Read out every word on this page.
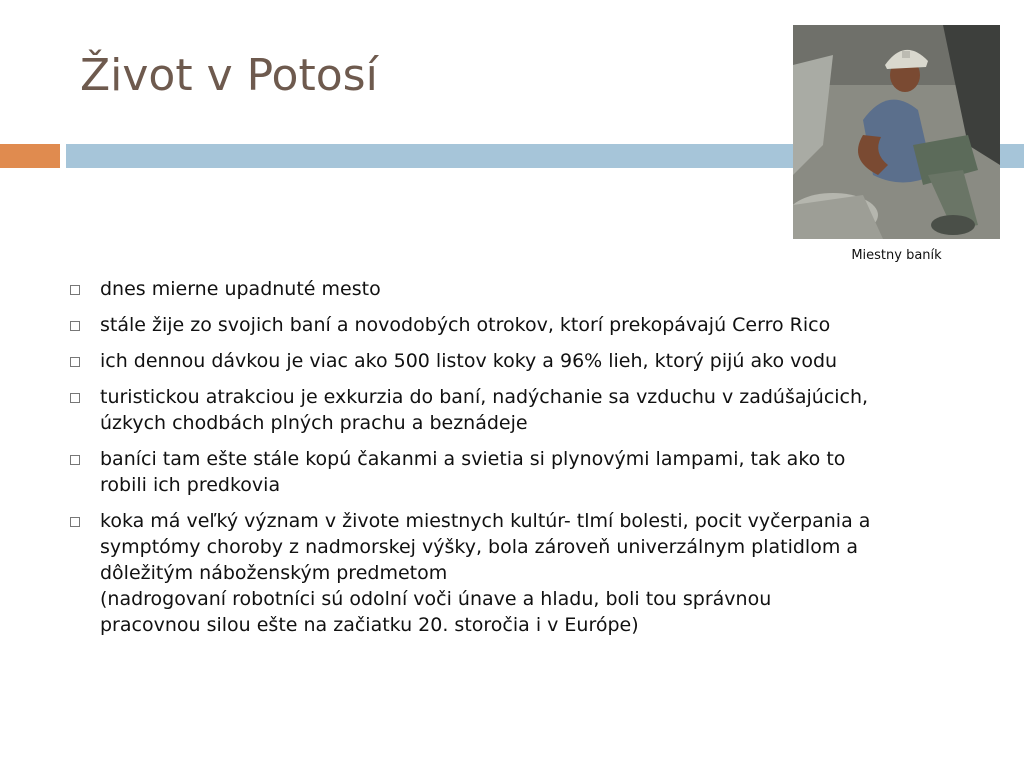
Život v Potosí
Miestny baník
dnes mierne upadnuté mesto
stále žije zo svojich baní a novodobých otrokov, ktorí prekopávajú Cerro Rico
ich dennou dávkou je viac ako 500 listov koky a 96% lieh, ktorý pijú ako vodu
turistickou atrakciou je exkurzia do baní, nadýchanie sa vzduchu v zadúšajúcich,
úzkych chodbách plných prachu a beznádeje
baníci tam ešte stále kopú čakanmi a svietia si plynovými lampami, tak ako to
robili ich predkovia
koka má veľký význam v živote miestnych kultúr- tlmí bolesti, pocit vyčerpania a
symptómy choroby z nadmorskej výšky, bola zároveň univerzálnym platidlom a
dôležitým náboženským predmetom
(nadrogovaní robotníci sú odolní voči únave a hladu, boli tou správnou
pracovnou silou ešte na začiatku 20. storočia i v Európe)
